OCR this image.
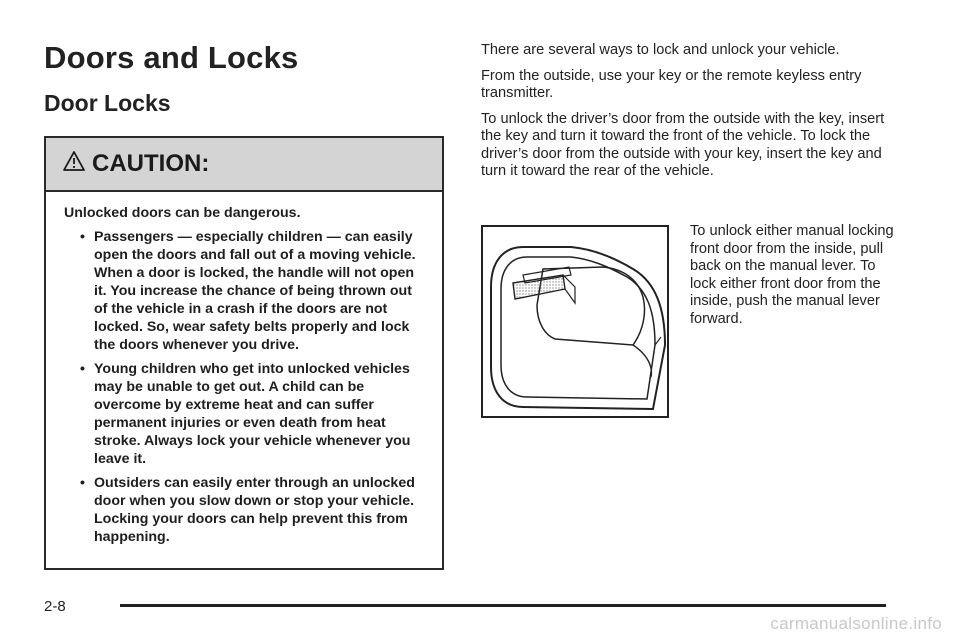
Doors and Locks
Door Locks
CAUTION:

Unlocked doors can be dangerous.

• Passengers — especially children — can easily open the doors and fall out of a moving vehicle. When a door is locked, the handle will not open it. You increase the chance of being thrown out of the vehicle in a crash if the doors are not locked. So, wear safety belts properly and lock the doors whenever you drive.
• Young children who get into unlocked vehicles may be unable to get out. A child can be overcome by extreme heat and can suffer permanent injuries or even death from heat stroke. Always lock your vehicle whenever you leave it.
• Outsiders can easily enter through an unlocked door when you slow down or stop your vehicle. Locking your doors can help prevent this from happening.

There are several ways to lock and unlock your vehicle.

From the outside, use your key or the remote keyless entry transmitter.

To unlock the driver’s door from the outside with the key, insert the key and turn it toward the front of the vehicle. To lock the driver’s door from the outside with your key, insert the key and turn it toward the rear of the vehicle.

To unlock either manual locking front door from the inside, pull back on the manual lever. To lock either front door from the inside, push the manual lever forward.

2-8
carmanualsonline.info
